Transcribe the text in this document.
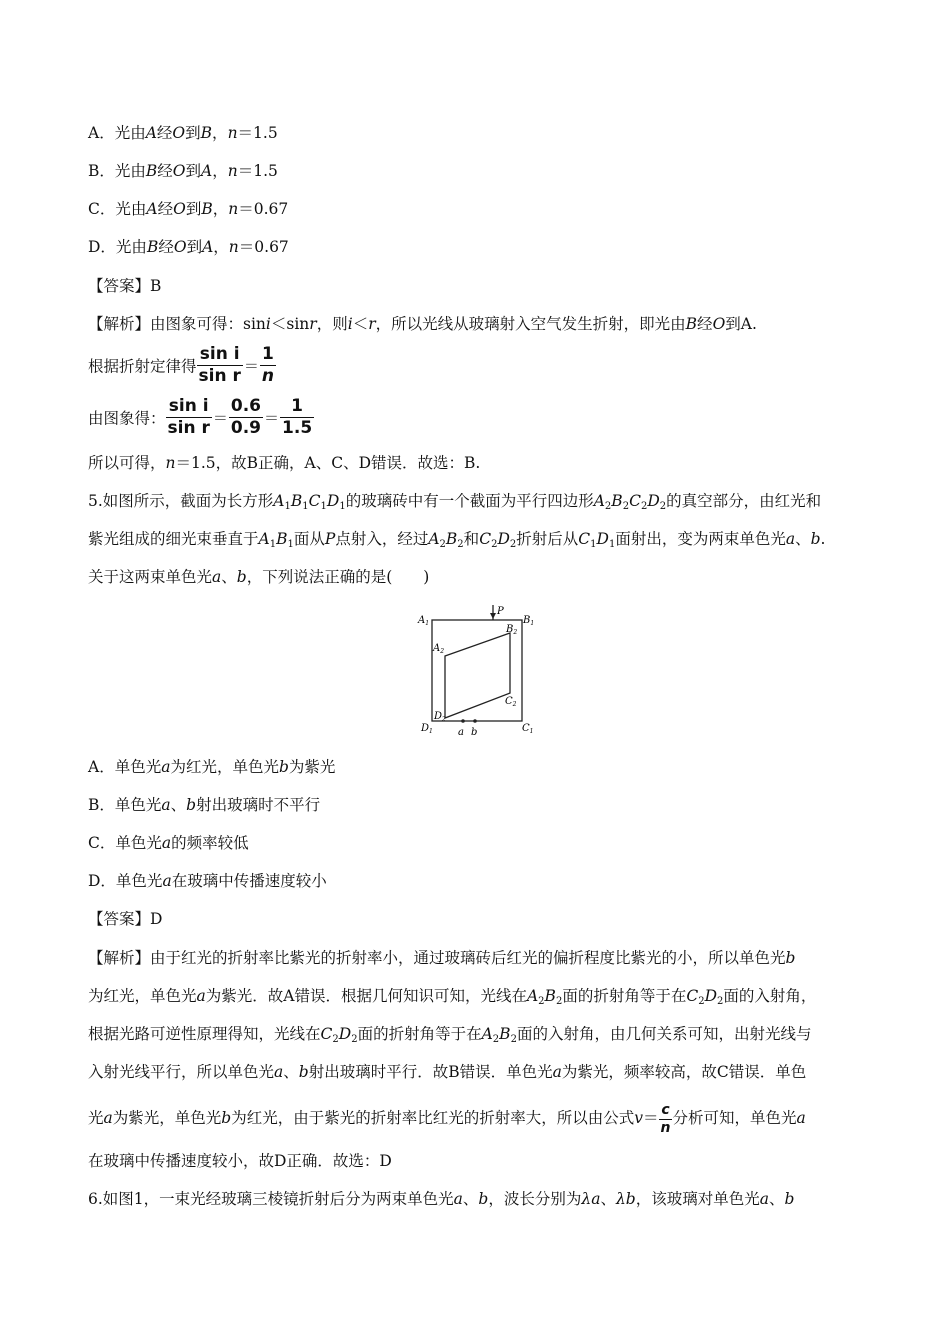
A．光由A经O到B，n＝1.5
B．光由B经O到A，n＝1.5
C．光由A经O到B，n＝0.67
D．光由B经O到A，n＝0.67
【答案】B
【解析】由图象可得：sini＜sinr，则i＜r，所以光线从玻璃射入空气发生折射，即光由B经O到A.
根据折射定律得 $\frac{\text{sin i}}{\text{sin r}} = \frac{1}{n}$
由图象得： $\frac{\text{sin i}}{\text{sin r}} = \frac{0.6}{0.9} = \frac{1}{1.5}$
所以可得，n＝1.5，故B正确，A、C、D错误．故选：B.
5.如图所示，截面为长方形$A_1B_1C_1D_1$的玻璃砖中有一个截面为平行四边形$A_2B_2C_2D_2$的真空部分，由红光和
紫光组成的细光束垂直于$A_1B_1$面从P点射入，经过$A_2B_2$和$C_2D_2$折射后从$C_1D_1$面射出，变为两束单色光a、b.
关于这两束单色光a、b，下列说法正确的是(　　)
$A_1$	$B_1$
$C_1$
$D_1$
$A_2$
$B_2$
$C_2$
$D_2$
P
a b
A．单色光a为红光，单色光b为紫光
B．单色光a、b射出玻璃时不平行
C．单色光a的频率较低
D．单色光a在玻璃中传播速度较小
【答案】D
【解析】由于红光的折射率比紫光的折射率小，通过玻璃砖后红光的偏折程度比紫光的小，所以单色光b
为红光，单色光a为紫光．故A错误．根据几何知识可知，光线在$A_2B_2$面的折射角等于在$C_2D_2$面的入射角，
根据光路可逆性原理得知，光线在$C_2D_2$面的折射角等于在$A_2B_2$面的入射角，由几何关系可知，出射光线与
入射光线平行，所以单色光a、b射出玻璃时平行．故B错误．单色光a为紫光，频率较高，故C错误．单色
光a为紫光，单色光b为红光，由于紫光的折射率比红光的折射率大，所以由公式$v= \frac{c}{n}$ 分析可知，单色光a
在玻璃中传播速度较小，故D正确．故选：D
6.如图1，一束光经玻璃三棱镜折射后分为两束单色光a、b，波长分别为λa、λb，该玻璃对单色光a、b
